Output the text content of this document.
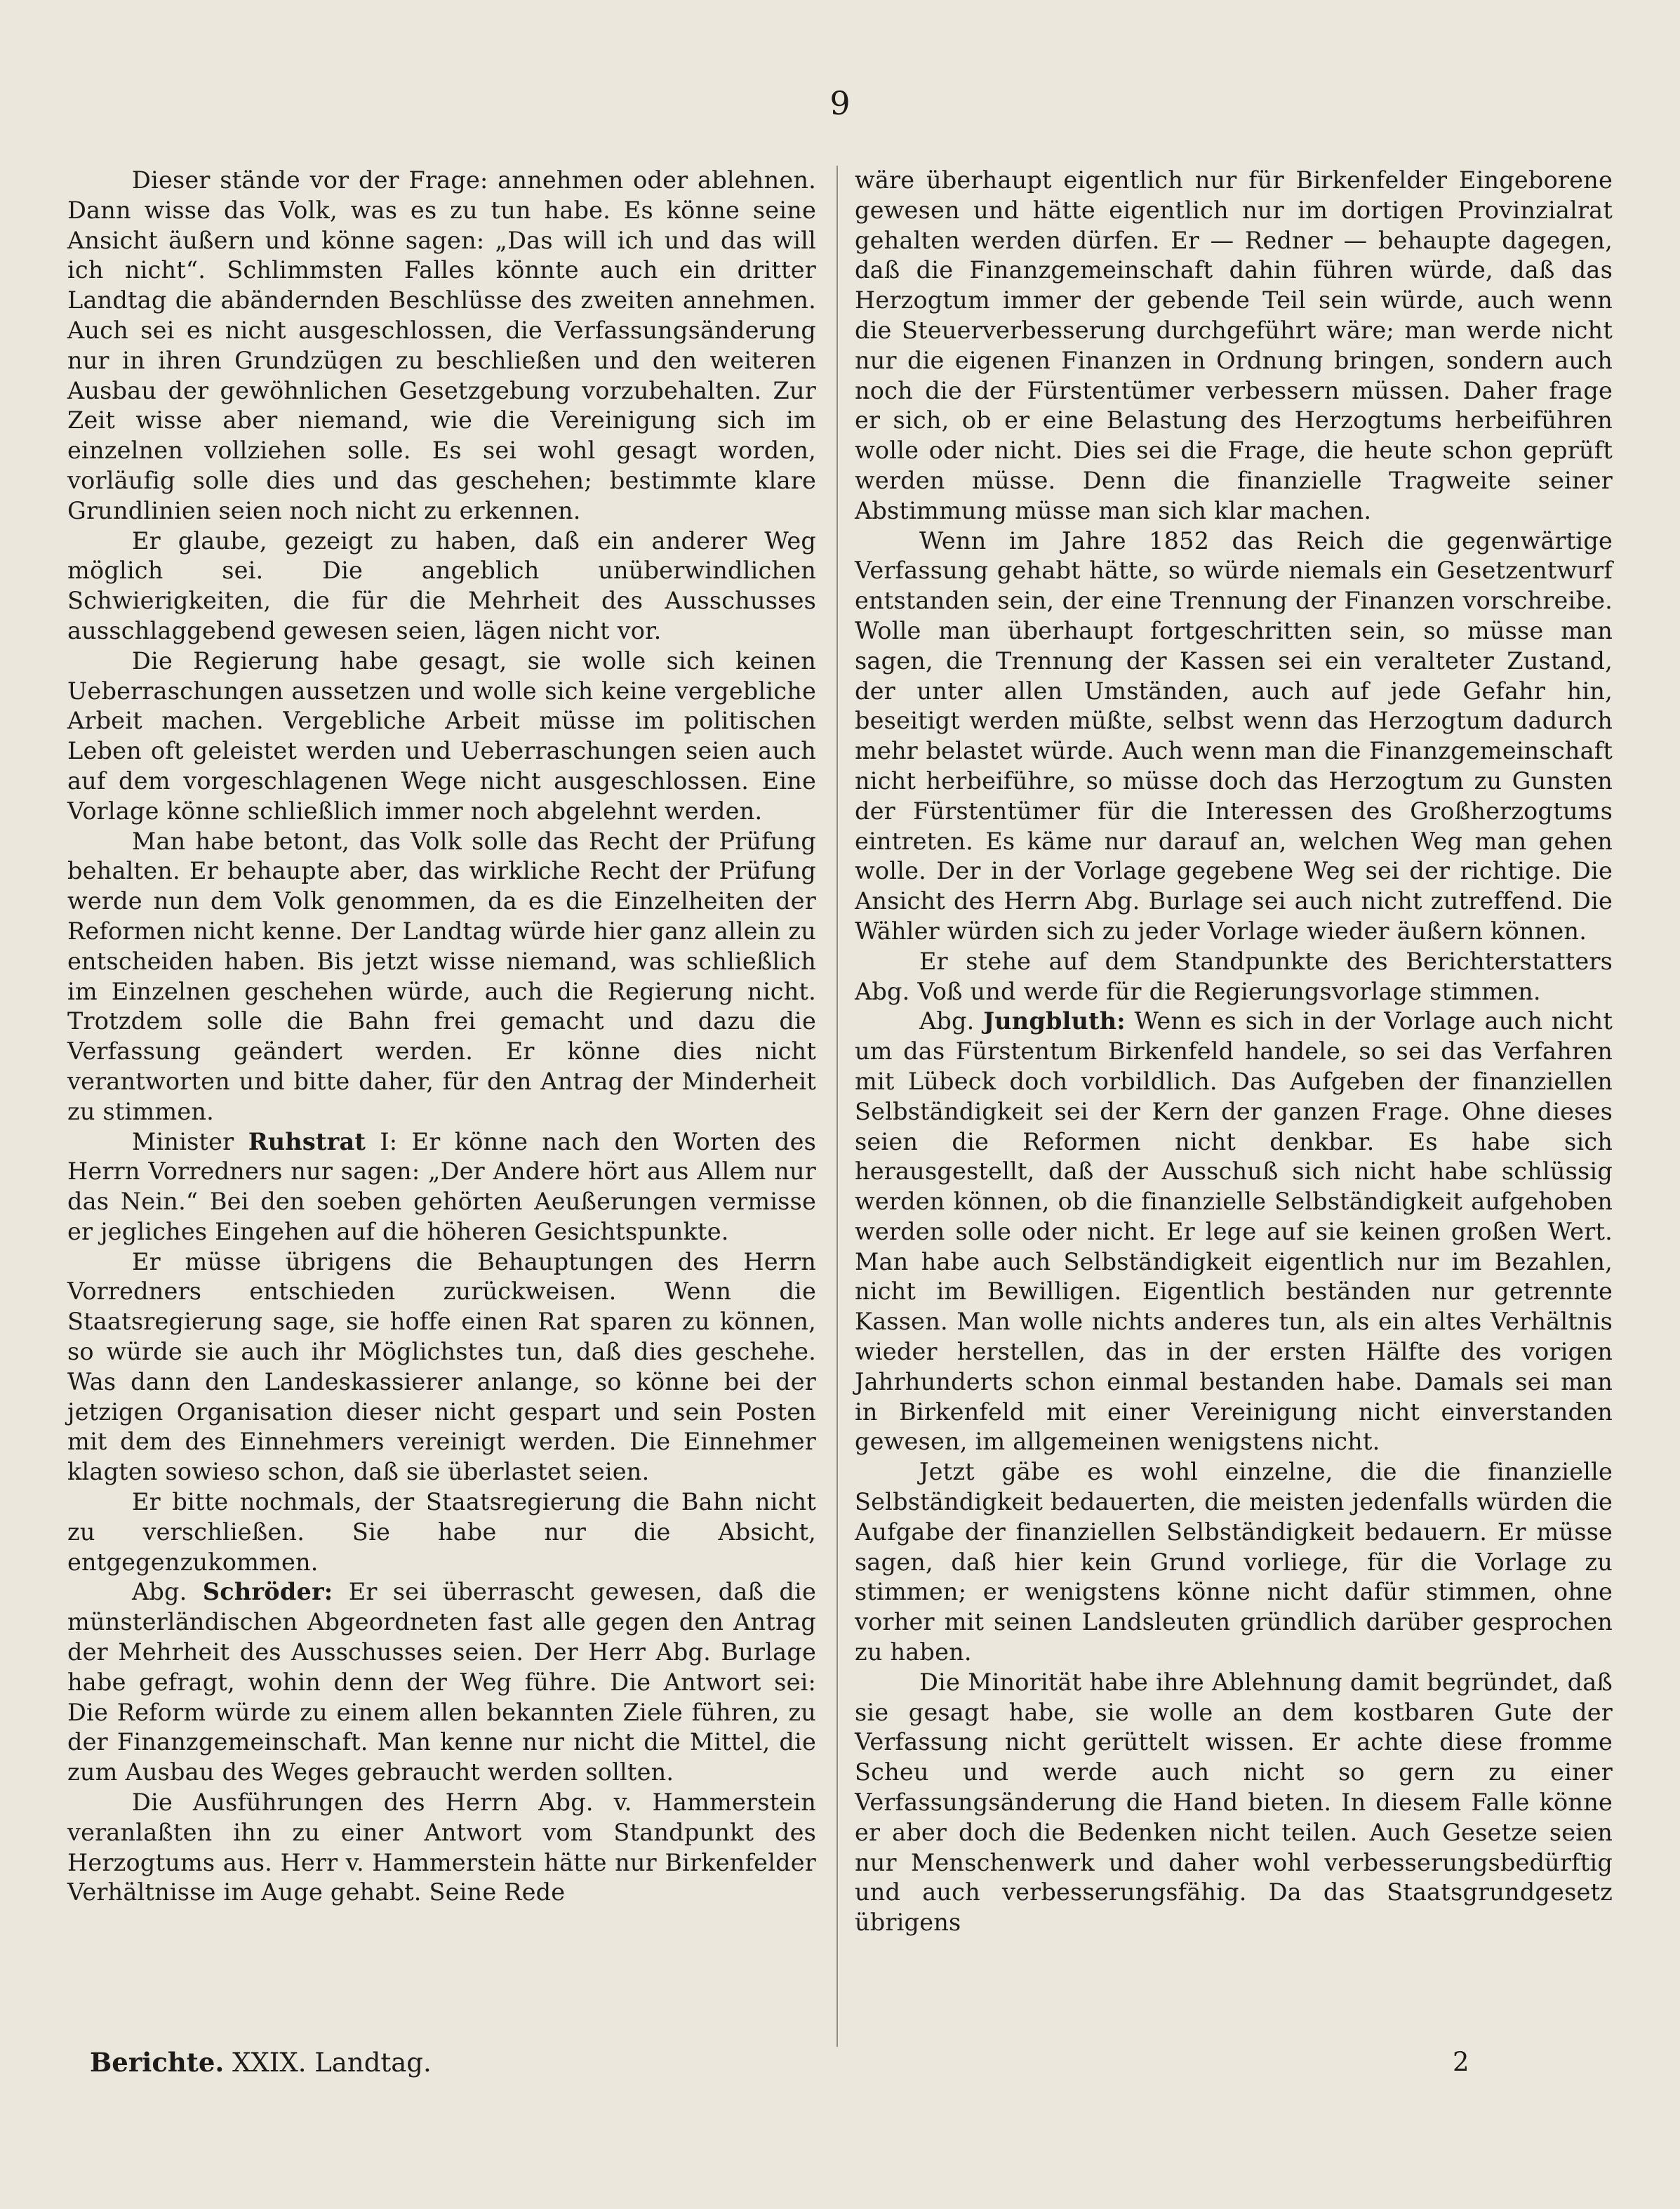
9

Dieser stände vor der Frage: annehmen oder ablehnen. Dann wisse das Volk, was es zu tun habe. Es könne seine Ansicht äußern und könne sagen: „Das will ich und das will ich nicht“. Schlimmsten Falles könnte auch ein dritter Landtag die abändernden Beschlüsse des zweiten annehmen. Auch sei es nicht ausgeschlossen, die Verfassungsänderung nur in ihren Grundzügen zu beschließen und den weiteren Ausbau der gewöhnlichen Gesetzgebung vorzubehalten. Zur Zeit wisse aber niemand, wie die Vereinigung sich im einzelnen vollziehen solle. Es sei wohl gesagt worden, vorläufig solle dies und das geschehen; bestimmte klare Grundlinien seien noch nicht zu erkennen.

Er glaube, gezeigt zu haben, daß ein anderer Weg möglich sei. Die angeblich unüberwindlichen Schwierigkeiten, die für die Mehrheit des Ausschusses ausschlaggebend gewesen seien, lägen nicht vor.

Die Regierung habe gesagt, sie wolle sich keinen Ueberraschungen aussetzen und wolle sich keine vergebliche Arbeit machen. Vergebliche Arbeit müsse im politischen Leben oft geleistet werden und Ueberraschungen seien auch auf dem vorgeschlagenen Wege nicht ausgeschlossen. Eine Vorlage könne schließlich immer noch abgelehnt werden.

Man habe betont, das Volk solle das Recht der Prüfung behalten. Er behaupte aber, das wirkliche Recht der Prüfung werde nun dem Volk genommen, da es die Einzelheiten der Reformen nicht kenne. Der Landtag würde hier ganz allein zu entscheiden haben. Bis jetzt wisse niemand, was schließlich im Einzelnen geschehen würde, auch die Regierung nicht. Trotzdem solle die Bahn frei gemacht und dazu die Verfassung geändert werden. Er könne dies nicht verantworten und bitte daher, für den Antrag der Minderheit zu stimmen.

Minister Ruhstrat I: Er könne nach den Worten des Herrn Vorredners nur sagen: „Der Andere hört aus Allem nur das Nein.“ Bei den soeben gehörten Aeußerungen vermisse er jegliches Eingehen auf die höheren Gesichtspunkte.

Er müsse übrigens die Behauptungen des Herrn Vorredners entschieden zurückweisen. Wenn die Staatsregierung sage, sie hoffe einen Rat sparen zu können, so würde sie auch ihr Möglichstes tun, daß dies geschehe. Was dann den Landeskassierer anlange, so könne bei der jetzigen Organisation dieser nicht gespart und sein Posten mit dem des Einnehmers vereinigt werden. Die Einnehmer klagten sowieso schon, daß sie überlastet seien.

Er bitte nochmals, der Staatsregierung die Bahn nicht zu verschließen. Sie habe nur die Absicht, entgegenzukommen.

Abg. Schröder: Er sei überrascht gewesen, daß die münsterländischen Abgeordneten fast alle gegen den Antrag der Mehrheit des Ausschusses seien. Der Herr Abg. Burlage habe gefragt, wohin denn der Weg führe. Die Antwort sei: Die Reform würde zu einem allen bekannten Ziele führen, zu der Finanzgemeinschaft. Man kenne nur nicht die Mittel, die zum Ausbau des Weges gebraucht werden sollten.

Die Ausführungen des Herrn Abg. v. Hammerstein veranlaßten ihn zu einer Antwort vom Standpunkt des Herzogtums aus. Herr v. Hammerstein hätte nur Birkenfelder Verhältnisse im Auge gehabt. Seine Rede

wäre überhaupt eigentlich nur für Birkenfelder Eingeborene gewesen und hätte eigentlich nur im dortigen Provinzialrat gehalten werden dürfen. Er — Redner — behaupte dagegen, daß die Finanzgemeinschaft dahin führen würde, daß das Herzogtum immer der gebende Teil sein würde, auch wenn die Steuerverbesserung durchgeführt wäre; man werde nicht nur die eigenen Finanzen in Ordnung bringen, sondern auch noch die der Fürstentümer verbessern müssen. Daher frage er sich, ob er eine Belastung des Herzogtums herbeiführen wolle oder nicht. Dies sei die Frage, die heute schon geprüft werden müsse. Denn die finanzielle Tragweite seiner Abstimmung müsse man sich klar machen.

Wenn im Jahre 1852 das Reich die gegenwärtige Verfassung gehabt hätte, so würde niemals ein Gesetzentwurf entstanden sein, der eine Trennung der Finanzen vorschreibe. Wolle man überhaupt fortgeschritten sein, so müsse man sagen, die Trennung der Kassen sei ein veralteter Zustand, der unter allen Umständen, auch auf jede Gefahr hin, beseitigt werden müßte, selbst wenn das Herzogtum dadurch mehr belastet würde. Auch wenn man die Finanzgemeinschaft nicht herbeiführe, so müsse doch das Herzogtum zu Gunsten der Fürstentümer für die Interessen des Großherzogtums eintreten. Es käme nur darauf an, welchen Weg man gehen wolle. Der in der Vorlage gegebene Weg sei der richtige. Die Ansicht des Herrn Abg. Burlage sei auch nicht zutreffend. Die Wähler würden sich zu jeder Vorlage wieder äußern können.

Er stehe auf dem Standpunkte des Berichterstatters Abg. Voß und werde für die Regierungsvorlage stimmen.

Abg. Jungbluth: Wenn es sich in der Vorlage auch nicht um das Fürstentum Birkenfeld handele, so sei das Verfahren mit Lübeck doch vorbildlich. Das Aufgeben der finanziellen Selbständigkeit sei der Kern der ganzen Frage. Ohne dieses seien die Reformen nicht denkbar. Es habe sich herausgestellt, daß der Ausschuß sich nicht habe schlüssig werden können, ob die finanzielle Selbständigkeit aufgehoben werden solle oder nicht. Er lege auf sie keinen großen Wert. Man habe auch Selbständigkeit eigentlich nur im Bezahlen, nicht im Bewilligen. Eigentlich beständen nur getrennte Kassen. Man wolle nichts anderes tun, als ein altes Verhältnis wieder herstellen, das in der ersten Hälfte des vorigen Jahrhunderts schon einmal bestanden habe. Damals sei man in Birkenfeld mit einer Vereinigung nicht einverstanden gewesen, im allgemeinen wenigstens nicht.

Jetzt gäbe es wohl einzelne, die die finanzielle Selbständigkeit bedauerten, die meisten jedenfalls würden die Aufgabe der finanziellen Selbständigkeit bedauern. Er müsse sagen, daß hier kein Grund vorliege, für die Vorlage zu stimmen; er wenigstens könne nicht dafür stimmen, ohne vorher mit seinen Landsleuten gründlich darüber gesprochen zu haben.

Die Minorität habe ihre Ablehnung damit begründet, daß sie gesagt habe, sie wolle an dem kostbaren Gute der Verfassung nicht gerüttelt wissen. Er achte diese fromme Scheu und werde auch nicht so gern zu einer Verfassungsänderung die Hand bieten. In diesem Falle könne er aber doch die Bedenken nicht teilen. Auch Gesetze seien nur Menschenwerk und daher wohl verbesserungsbedürftig und auch verbesserungsfähig. Da das Staatsgrundgesetz übrigens

Berichte. XXIX. Landtag.	2
